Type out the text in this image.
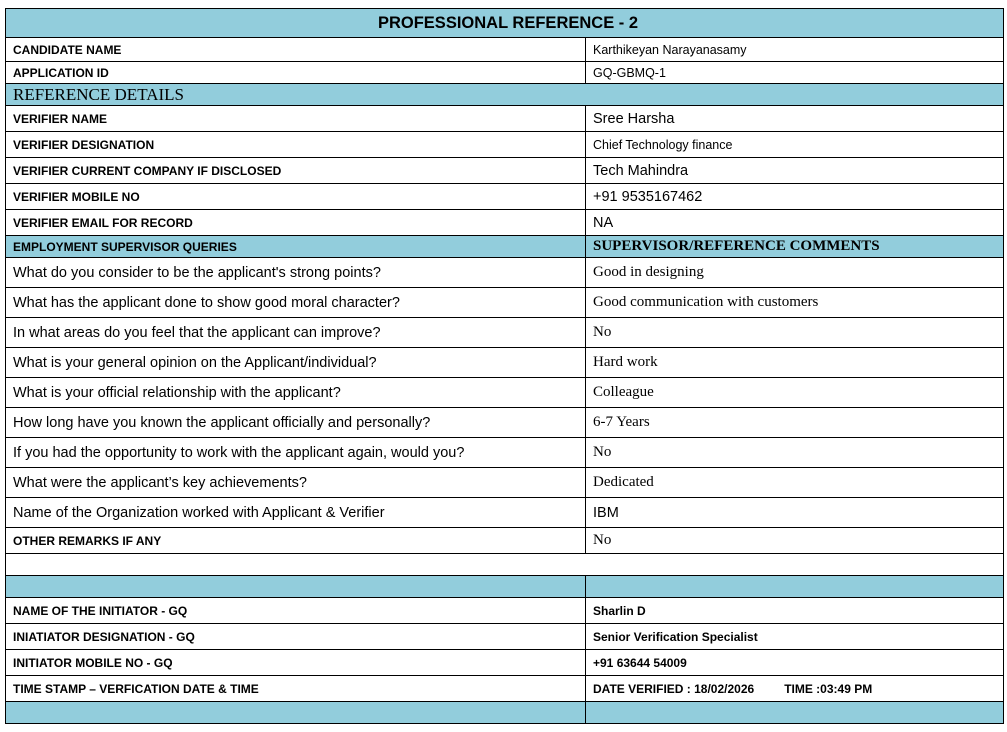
PROFESSIONAL REFERENCE - 2	
CANDIDATE NAME	Karthikeyan Narayanasamy
APPLICATION ID	GQ-GBMQ-1
REFERENCE DETAILS	
VERIFIER NAME	Sree Harsha
VERIFIER DESIGNATION	Chief Technology finance
VERIFIER CURRENT COMPANY IF DISCLOSED	Tech Mahindra
VERIFIER MOBILE NO	+91 9535167462
VERIFIER EMAIL FOR RECORD	NA
EMPLOYMENT SUPERVISOR QUERIES	SUPERVISOR/REFERENCE COMMENTS
What do you consider to be the applicant's strong points?	Good in designing
What has the applicant done to show good moral character?	Good communication with customers
In what areas do you feel that the applicant can improve?	No
What is your general opinion on the Applicant/individual?	Hard work
What is your official relationship with the applicant?	Colleague
How long have you known the applicant officially and personally?	6-7 Years
If you had the opportunity to work with the applicant again, would you?	No
What were the applicant’s key achievements?	Dedicated
Name of the Organization worked with Applicant & Verifier	IBM
OTHER REMARKS IF ANY	No

NAME OF THE INITIATOR - GQ	Sharlin D
INIATIATOR DESIGNATION - GQ	Senior Verification Specialist
INITIATOR MOBILE NO - GQ	+91 63644 54009
TIME STAMP – VERFICATION DATE & TIME	DATE VERIFIED : 18/02/2026 TIME :03:49 PM
